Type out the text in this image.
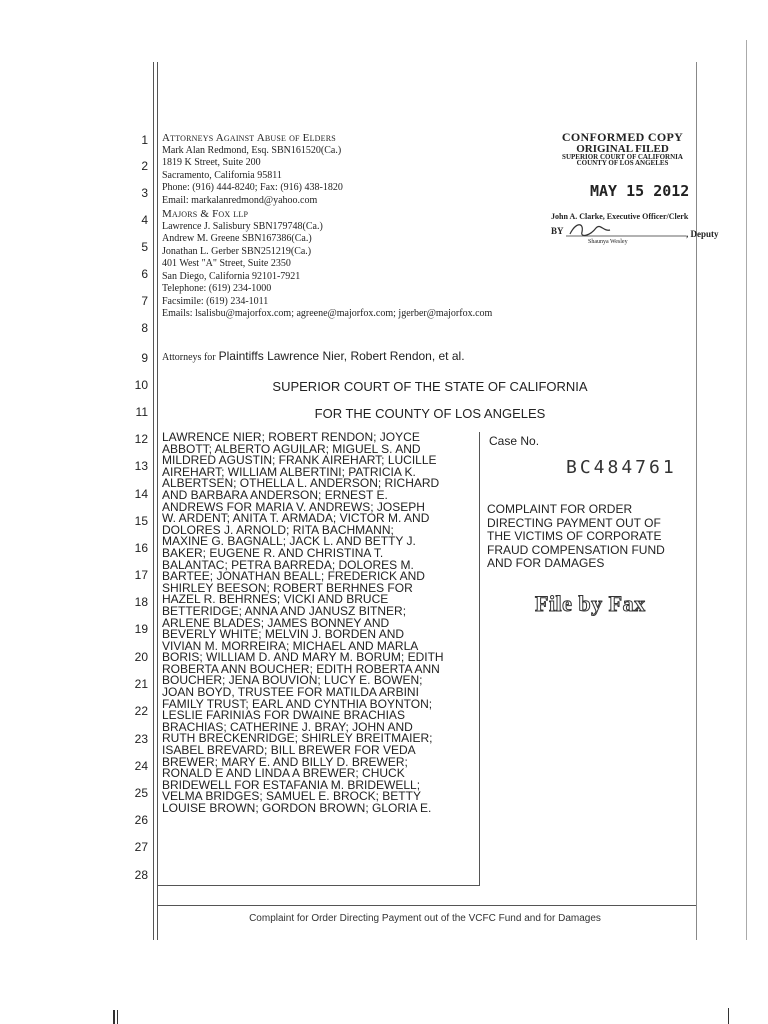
1
2
3
4
5
6
7
8
9
10
11
12
13
14
15
16
17
18
19
20
21
22
23
24
25
26
27
28
Attorneys Against Abuse of Elders
Mark Alan Redmond, Esq. SBN161520(Ca.)
1819 K Street, Suite 200
Sacramento, California 95811
Phone: (916) 444-8240; Fax: (916) 438-1820
Email: markalanredmond@yahoo.com
Majors & Fox llp
Lawrence J. Salisbury SBN179748(Ca.)
Andrew M. Greene SBN167386(Ca.)
Jonathan L. Gerber SBN251219(Ca.)
401 West "A" Street, Suite 2350
San Diego, California 92101-7921
Telephone: (619) 234-1000
Facsimile: (619) 234-1011
Emails: lsalisbu@majorfox.com; agreene@majorfox.com; jgerber@majorfox.com
Attorneys for Plaintiffs Lawrence Nier, Robert Rendon, et al.
SUPERIOR COURT OF THE STATE OF CALIFORNIA
FOR THE COUNTY OF LOS ANGELES
LAWRENCE NIER; ROBERT RENDON; JOYCE
ABBOTT; ALBERTO AGUILAR; MIGUEL S. AND
MILDRED AGUSTIN; FRANK AIREHART; LUCILLE
AIREHART; WILLIAM ALBERTINI; PATRICIA K.
ALBERTSEN; OTHELLA L. ANDERSON; RICHARD
AND BARBARA ANDERSON; ERNEST E.
ANDREWS FOR MARIA V. ANDREWS; JOSEPH
W. ARDENT; ANITA T. ARMADA; VICTOR M. AND
DOLORES J. ARNOLD; RITA BACHMANN;
MAXINE G. BAGNALL; JACK L. AND BETTY J.
BAKER; EUGENE R. AND CHRISTINA T.
BALANTAC; PETRA BARREDA; DOLORES M.
BARTEE; JONATHAN BEALL; FREDERICK AND
SHIRLEY BEESON; ROBERT BERHNES FOR
HAZEL R. BEHRNES; VICKI AND BRUCE
BETTERIDGE; ANNA AND JANUSZ BITNER;
ARLENE BLADES; JAMES BONNEY AND
BEVERLY WHITE; MELVIN J. BORDEN AND
VIVIAN M. MORREIRA; MICHAEL AND MARLA
BORIS; WILLIAM D. AND MARY M. BORUM; EDITH
ROBERTA ANN BOUCHER; EDITH ROBERTA ANN
BOUCHER; JENA BOUVION; LUCY E. BOWEN;
JOAN BOYD, TRUSTEE FOR MATILDA ARBINI
FAMILY TRUST; EARL AND CYNTHIA BOYNTON;
LESLIE FARINIAS FOR DWAINE BRACHIAS
BRACHIAS; CATHERINE J. BRAY; JOHN AND
RUTH BRECKENRIDGE; SHIRLEY BREITMAIER;
ISABEL BREVARD; BILL BREWER FOR VEDA
BREWER; MARY E. AND BILLY D. BREWER;
RONALD E AND LINDA A BREWER; CHUCK
BRIDEWELL FOR ESTAFANIA M. BRIDEWELL;
VELMA BRIDGES; SAMUEL E. BROCK; BETTY
LOUISE BROWN; GORDON BROWN; GLORIA E.
Case No.
BC484761
COMPLAINT FOR ORDER
DIRECTING PAYMENT OUT OF
THE VICTIMS OF CORPORATE
FRAUD COMPENSATION FUND
AND FOR DAMAGES
File by Fax
CONFORMED COPY
ORIGINAL FILED
SUPERIOR COURT OF CALIFORNIA
COUNTY OF LOS ANGELES
MAY 15 2012
John A. Clarke, Executive Officer/Clerk
BY	, Deputy
Shaunya Wesley
Complaint for Order Directing Payment out of the VCFC Fund and for Damages
